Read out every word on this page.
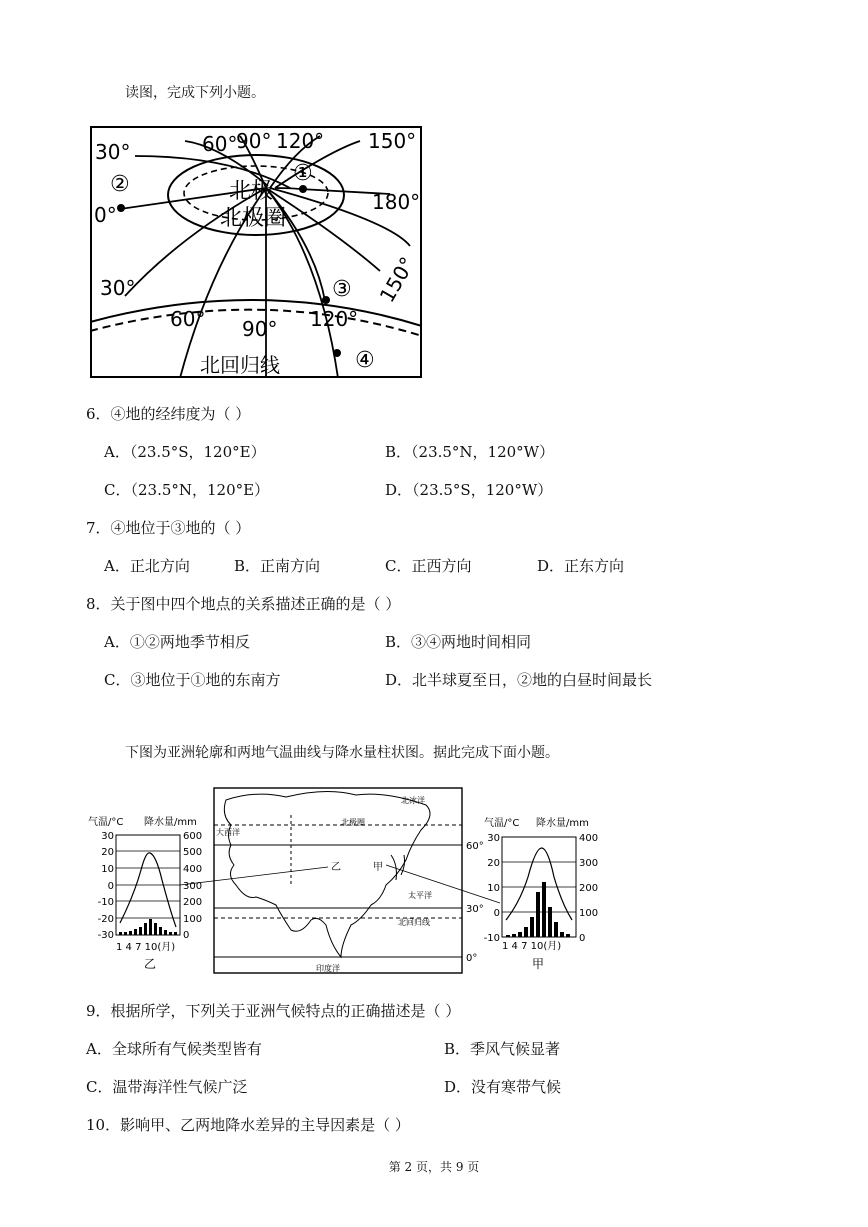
读图，完成下列小题。
60°
90° 120° 150°
30°
0°
180°
30°
60° 90° 120°
150°
北极
北极圈
北回归线
①
②
③
④
6．④地的经纬度为（ ）
A．（23.5°S，120°E）	B．（23.5°N，120°W）
C．（23.5°N，120°E）	D．（23.5°S，120°W）
7．④地位于③地的（ ）
A．正北方向	B．正南方向	C．正西方向	D．正东方向
8．关于图中四个地点的关系描述正确的是（ ）
A．①②两地季节相反	B．③④两地时间相同
C．③地位于①地的东南方	D．北半球夏至日，②地的白昼时间最长
下图为亚洲轮廓和两地气温曲线与降水量柱状图。据此完成下面小题。
气温/°C 降水量/mm
30
20
10
0
-10
-20
-30
600
500
400
300
200
100
0
1 4 7 10(月)
乙
北冰洋
北极圈
大西洋
太平洋
北回归线
印度洋
乙	甲
60°
30°
0°
气温/°C 降水量/mm
30
20
10
0
-10
400
300
200
100
0
1 4 7 10(月)
甲
9．根据所学，下列关于亚洲气候特点的正确描述是（ ）
A．全球所有气候类型皆有	B．季风气候显著
C．温带海洋性气候广泛	D．没有寒带气候
10．影响甲、乙两地降水差异的主导因素是（ ）
第 2 页，共 9 页
